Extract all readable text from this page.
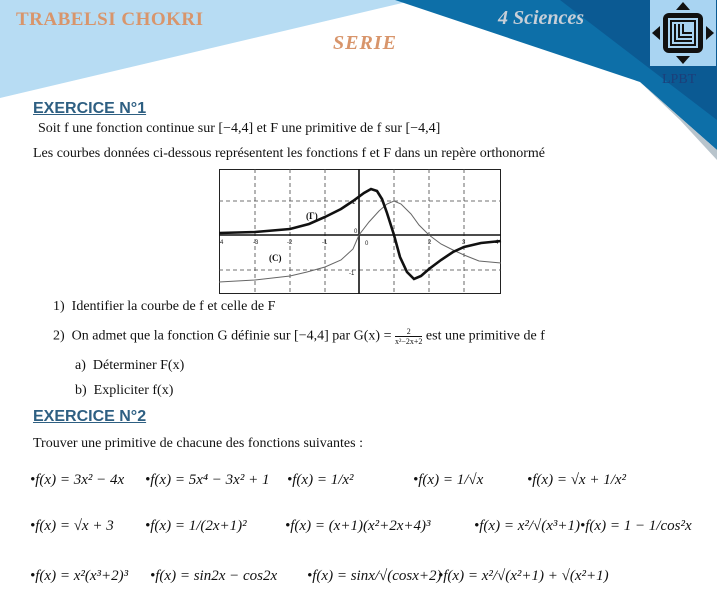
TRABELSI CHOKRI	4 Sciences
SERIE
LPBT
EXERCICE N°1
Soit f une fonction continue sur [−4,4] et F une primitive de f sur [−4,4]
Les courbes données ci-dessous représentent les fonctions f et F dans un repère orthonormé
4	-3	-2	-1	0
0
2	3	4
1
-1
(Γ)
(C)
1) Identifier la courbe de f et celle de F
2) On admet que la fonction G définie sur [−4,4] par $G(x) = \frac{2}{\text{x²−2x+2}}$ est une primitive de f
a) Déterminer F(x)
b) Expliciter f(x)
EXERCICE N°2
Trouver une primitive de chacune des fonctions suivantes :
•f(x) = 3x² − 4x •f(x) = 5x⁴ − 3x² + 1 •f(x) = 1/x²	•f(x) = 1/√x	•f(x) = √x + 1/x²
•f(x) = √x + 3 •f(x) = 1/(2x+1)²	•f(x) = (x+1)(x²+2x+4)³	•f(x) = x²/√(x³+1) •f(x) = 1 − 1/cos²x
•f(x) = x²(x³+2)³ •f(x) = sin2x − cos2x •f(x) = sinx/√(cosx+2)
•f(x) = x²/√(x²+1) + √(x²+1)
